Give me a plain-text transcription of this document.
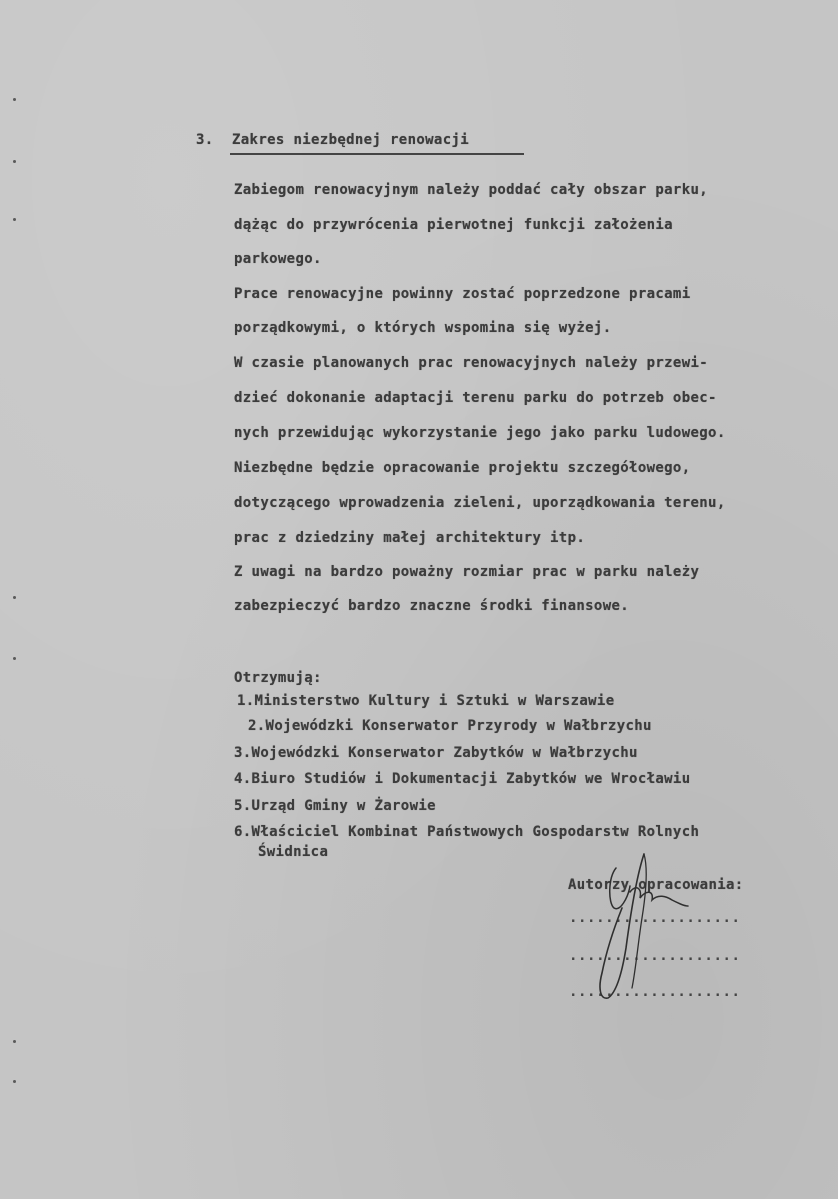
3. Zakres niezbędnej renowacji
Zabiegom renowacyjnym należy poddać cały obszar parku,
dążąc do przywrócenia pierwotnej funkcji założenia
parkowego.
Prace renowacyjne powinny zostać poprzedzone pracami
porządkowymi, o których wspomina się wyżej.
W czasie planowanych prac renowacyjnych należy przewi-
dzieć dokonanie adaptacji terenu parku do potrzeb obec-
nych przewidując wykorzystanie jego jako parku ludowego.
Niezbędne będzie opracowanie projektu szczegółowego,
dotyczącego wprowadzenia zieleni, uporządkowania terenu,
prac z dziedziny małej architektury itp.
Z uwagi na bardzo poważny rozmiar prac w parku należy
zabezpieczyć bardzo znaczne środki finansowe.
Otrzymują:
1.Ministerstwo Kultury i Sztuki w Warszawie
2.Wojewódzki Konserwator Przyrody w Wałbrzychu
3.Wojewódzki Konserwator Zabytków w Wałbrzychu
4.Biuro Studiów i Dokumentacji Zabytków we Wrocławiu
5.Urząd Gminy w Żarowie
6.Właściciel Kombinat Państwowych Gospodarstw Rolnych
Świdnica
Autorzy opracowania:
...................
...................
...................
